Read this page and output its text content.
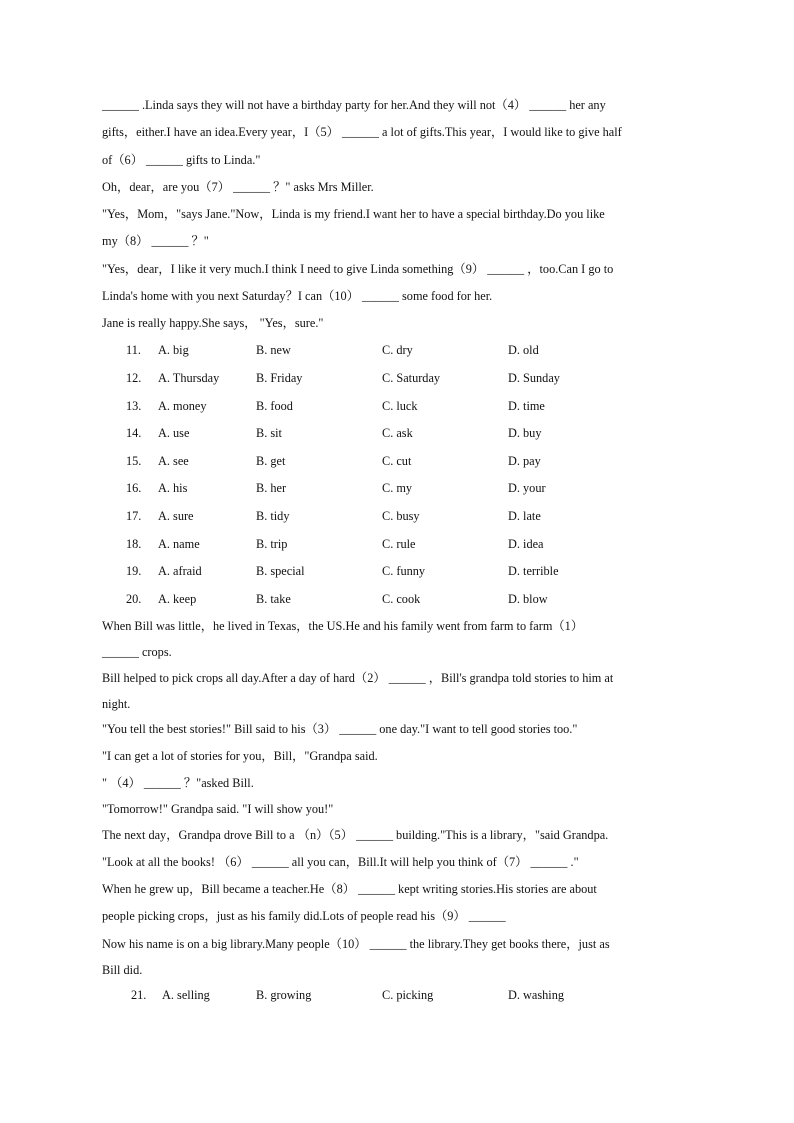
______ .Linda says they will not have a birthday party for her.And they will not（4） ______ her any
gifts，either.I have an idea.Every year，I（5） ______ a lot of gifts.This year，I would like to give half
of（6） ______ gifts to Linda."
Oh，dear，are you（7） ______ ？" asks Mrs Miller.
"Yes，Mom，"says Jane."Now，Linda is my friend.I want her to have a special birthday.Do you like
my（8） ______ ？"
"Yes，dear，I like it very much.I think I need to give Linda something（9） ______ ，too.Can I go to
Linda's home with you next Saturday？I can（10） ______ some food for her.
Jane is really happy.She says， "Yes，sure."
11. A. big	B. new	C. dry	D. old
12. A. Thursday	B. Friday	C. Saturday	D. Sunday
13. A. money	B. food	C. luck	D. time
14. A. use	B. sit	C. ask	D. buy
15. A. see	B. get	C. cut	D. pay
16. A. his	B. her	C. my	D. your
17. A. sure	B. tidy	C. busy	D. late
18. A. name	B. trip	C. rule	D. idea
19. A. afraid	B. special	C. funny	D. terrible
20. A. keep	B. take	C. cook	D. blow
When Bill was little，he lived in Texas，the US.He and his family went from farm to farm（1）
______ crops.
Bill helped to pick crops all day.After a day of hard（2） ______ ，Bill's grandpa told stories to him at
night.
"You tell the best stories!" Bill said to his（3） ______ one day."I want to tell good stories too."
"I can get a lot of stories for you，Bill，"Grandpa said.
" （4） ______ ？"asked Bill.
"Tomorrow!" Grandpa said. "I will show you!"
The next day，Grandpa drove Bill to a （n）（5） ______ building."This is a library，"said Grandpa.
"Look at all the books! （6） ______ all you can，Bill.It will help you think of（7） ______ ."
When he grew up，Bill became a teacher.He（8） ______ kept writing stories.His stories are about
people picking crops，just as his family did.Lots of people read his（9） ______
Now his name is on a big library.Many people（10） ______ the library.They get books there，just as
Bill did.
21. A. selling	B. growing	C. picking	D. washing
